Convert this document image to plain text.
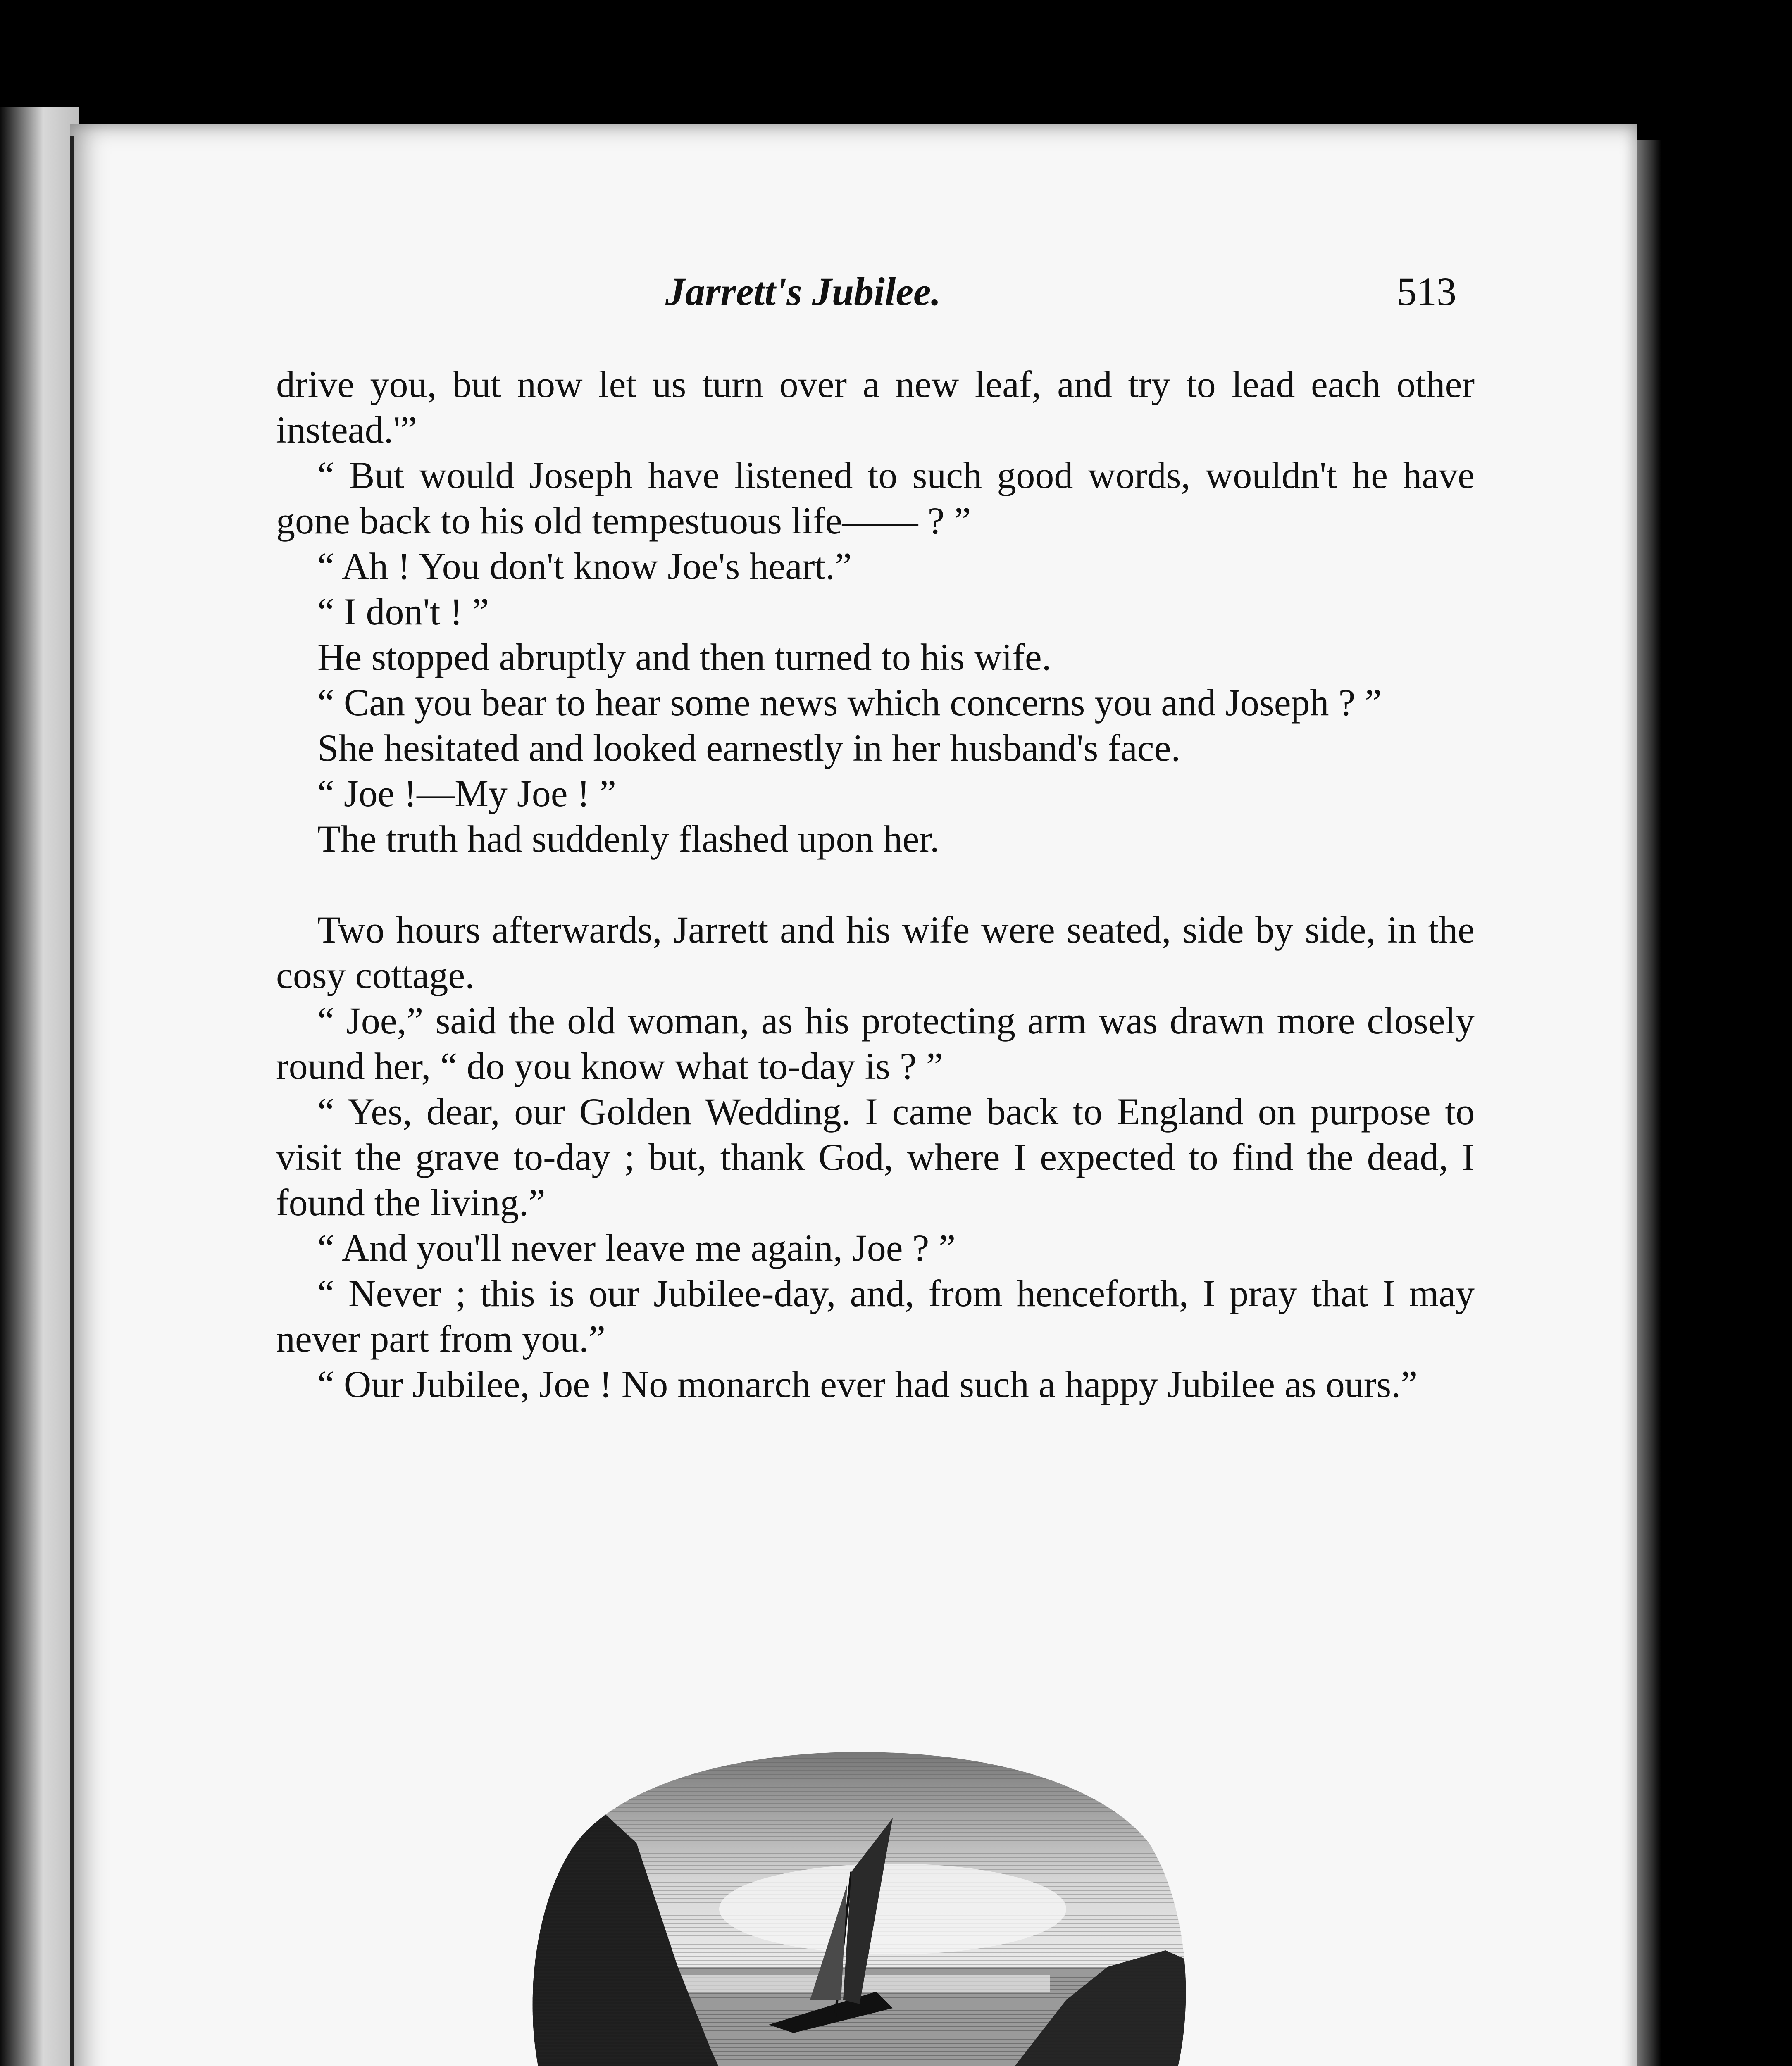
Jarrett's Jubilee.	513

drive you, but now let us turn over a new leaf, and try to lead each other instead.'”

“ But would Joseph have listened to such good words, wouldn't he have gone back to his old tempestuous life—— ? ”

“ Ah ! You don't know Joe's heart.”

“ I don't ! ”

He stopped abruptly and then turned to his wife.

“ Can you bear to hear some news which concerns you and Joseph ? ”

She hesitated and looked earnestly in her husband's face.

“ Joe !—My Joe ! ”

The truth had suddenly flashed upon her.

Two hours afterwards, Jarrett and his wife were seated, side by side, in the cosy cottage.

“ Joe,” said the old woman, as his protecting arm was drawn more closely round her, “ do you know what to-day is ? ”

“ Yes, dear, our Golden Wedding. I came back to England on purpose to visit the grave to-day ; but, thank God, where I expected to find the dead, I found the living.”

“ And you'll never leave me again, Joe ? ”

“ Never ; this is our Jubilee-day, and, from henceforth, I pray that I may never part from you.”

“ Our Jubilee, Joe ! No monarch ever had such a happy Jubilee as ours.”
